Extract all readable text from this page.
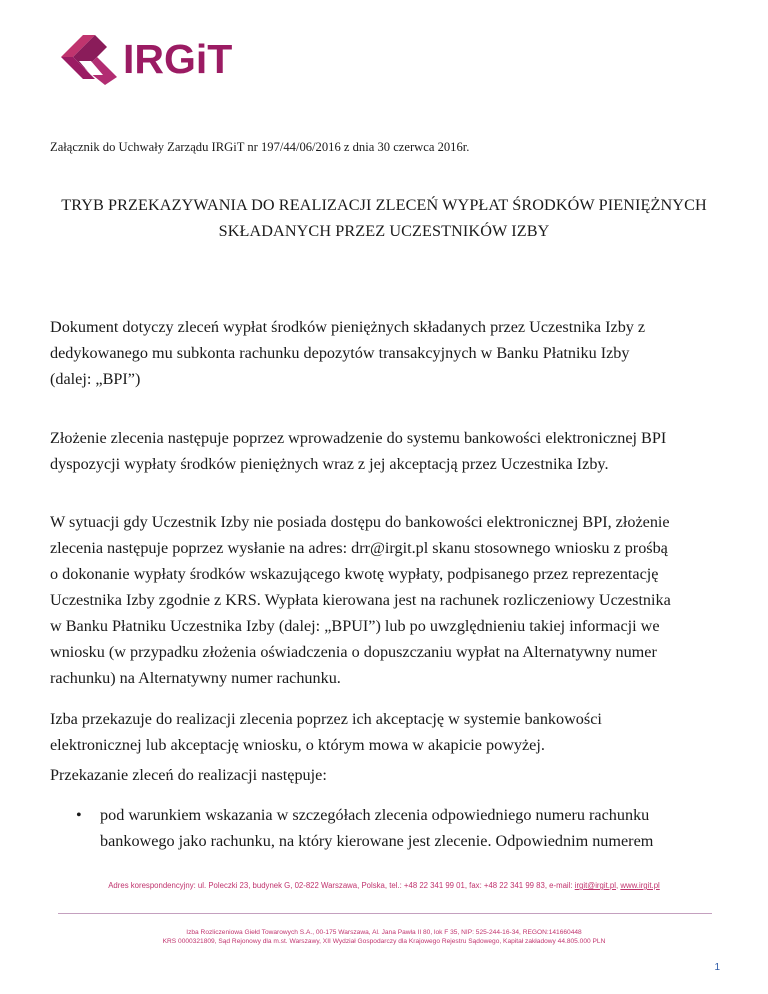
IRGiT
Załącznik do Uchwały Zarządu IRGiT nr 197/44/06/2016 z dnia 30 czerwca 2016r.
TRYB PRZEKAZYWANIA DO REALIZACJI ZLECEŃ WYPŁAT ŚRODKÓW PIENIĘŻNYCH
SKŁADANYCH PRZEZ UCZESTNIKÓW IZBY
Dokument dotyczy zleceń wypłat środków pieniężnych składanych przez Uczestnika Izby z
dedykowanego mu subkonta rachunku depozytów transakcyjnych w Banku Płatniku Izby
(dalej: „BPI”)
Złożenie zlecenia następuje poprzez wprowadzenie do systemu bankowości elektronicznej BPI
dyspozycji wypłaty środków pieniężnych wraz z jej akceptacją przez Uczestnika Izby.
W sytuacji gdy Uczestnik Izby nie posiada dostępu do bankowości elektronicznej BPI, złożenie
zlecenia następuje poprzez wysłanie na adres: drr@irgit.pl skanu stosownego wniosku z prośbą
o dokonanie wypłaty środków wskazującego kwotę wypłaty, podpisanego przez reprezentację
Uczestnika Izby zgodnie z KRS. Wypłata kierowana jest na rachunek rozliczeniowy Uczestnika
w Banku Płatniku Uczestnika Izby (dalej: „BPUI”) lub po uwzględnieniu takiej informacji we
wniosku (w przypadku złożenia oświadczenia o dopuszczaniu wypłat na Alternatywny numer
rachunku) na Alternatywny numer rachunku.
Izba przekazuje do realizacji zlecenia poprzez ich akceptację w systemie bankowości
elektronicznej lub akceptację wniosku, o którym mowa w akapicie powyżej.
Przekazanie zleceń do realizacji następuje:
• pod warunkiem wskazania w szczegółach zlecenia odpowiedniego numeru rachunku
bankowego jako rachunku, na który kierowane jest zlecenie. Odpowiednim numerem
Adres korespondencyjny: ul. Poleczki 23, budynek G, 02-822 Warszawa, Polska, tel.: +48 22 341 99 01, fax: +48 22 341 99 83, e-mail: irgit@irgit.pl, www.irgit.pl
Izba Rozliczeniowa Giełd Towarowych S.A., 00-175 Warszawa, Al. Jana Pawła II 80, lok F 35, NIP: 525-244-16-34, REGON:141660448
KRS 0000321809, Sąd Rejonowy dla m.st. Warszawy, XII Wydział Gospodarczy dla Krajowego Rejestru Sądowego, Kapitał zakładowy 44.805.000 PLN
1
